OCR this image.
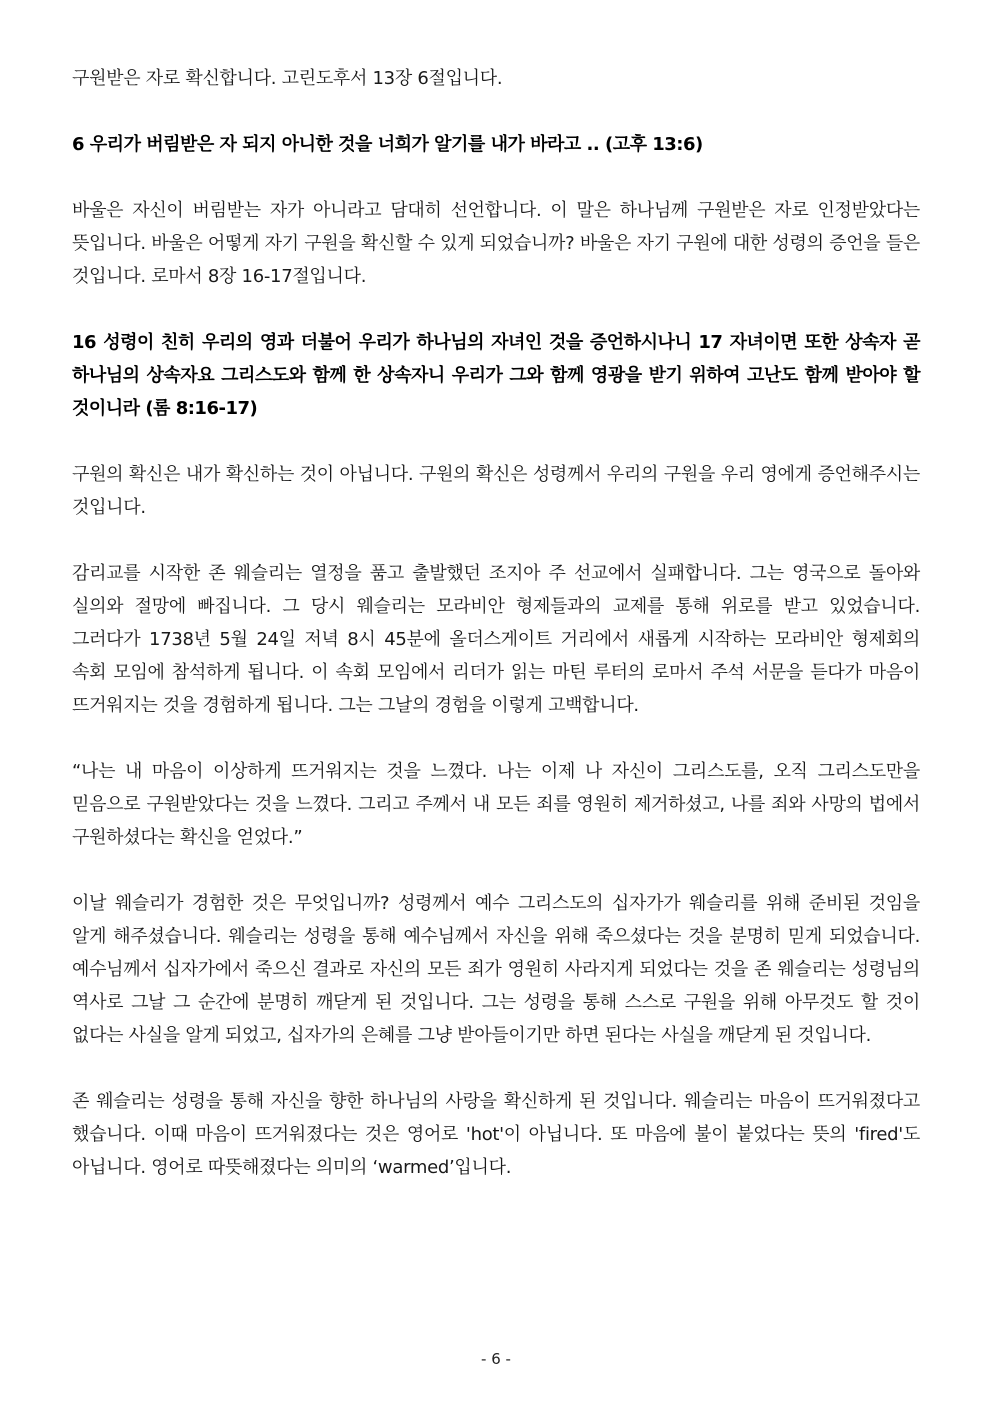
구원받은 자로 확신합니다. 고린도후서 13장 6절입니다.

6 우리가 버림받은 자 되지 아니한 것을 너희가 알기를 내가 바라고 .. (고후 13:6)

바울은 자신이 버림받는 자가 아니라고 담대히 선언합니다. 이 말은 하나님께 구원받은 자로 인정받았다는 뜻입니다. 바울은 어떻게 자기 구원을 확신할 수 있게 되었습니까? 바울은 자기 구원에 대한 성령의 증언을 들은 것입니다. 로마서 8장 16-17절입니다.

16 성령이 친히 우리의 영과 더불어 우리가 하나님의 자녀인 것을 증언하시나니 17 자녀이면 또한 상속자 곧 하나님의 상속자요 그리스도와 함께 한 상속자니 우리가 그와 함께 영광을 받기 위하여 고난도 함께 받아야 할 것이니라 (롬 8:16-17)

구원의 확신은 내가 확신하는 것이 아닙니다. 구원의 확신은 성령께서 우리의 구원을 우리 영에게 증언해주시는 것입니다.

감리교를 시작한 존 웨슬리는 열정을 품고 출발했던 조지아 주 선교에서 실패합니다. 그는 영국으로 돌아와 실의와 절망에 빠집니다. 그 당시 웨슬리는 모라비안 형제들과의 교제를 통해 위로를 받고 있었습니다. 그러다가 1738년 5월 24일 저녁 8시 45분에 올더스게이트 거리에서 새롭게 시작하는 모라비안 형제회의 속회 모임에 참석하게 됩니다. 이 속회 모임에서 리더가 읽는 마틴 루터의 로마서 주석 서문을 듣다가 마음이 뜨거워지는 것을 경험하게 됩니다. 그는 그날의 경험을 이렇게 고백합니다.

“나는 내 마음이 이상하게 뜨거워지는 것을 느꼈다. 나는 이제 나 자신이 그리스도를, 오직 그리스도만을 믿음으로 구원받았다는 것을 느꼈다. 그리고 주께서 내 모든 죄를 영원히 제거하셨고, 나를 죄와 사망의 법에서 구원하셨다는 확신을 얻었다.”

이날 웨슬리가 경험한 것은 무엇입니까? 성령께서 예수 그리스도의 십자가가 웨슬리를 위해 준비된 것임을 알게 해주셨습니다. 웨슬리는 성령을 통해 예수님께서 자신을 위해 죽으셨다는 것을 분명히 믿게 되었습니다. 예수님께서 십자가에서 죽으신 결과로 자신의 모든 죄가 영원히 사라지게 되었다는 것을 존 웨슬리는 성령님의 역사로 그날 그 순간에 분명히 깨닫게 된 것입니다. 그는 성령을 통해 스스로 구원을 위해 아무것도 할 것이 없다는 사실을 알게 되었고, 십자가의 은혜를 그냥 받아들이기만 하면 된다는 사실을 깨닫게 된 것입니다.

존 웨슬리는 성령을 통해 자신을 향한 하나님의 사랑을 확신하게 된 것입니다. 웨슬리는 마음이 뜨거워졌다고 했습니다. 이때 마음이 뜨거워졌다는 것은 영어로 'hot'이 아닙니다. 또 마음에 불이 붙었다는 뜻의 'fired'도 아닙니다. 영어로 따뜻해졌다는 의미의 ‘warmed’입니다.

- 6 -
